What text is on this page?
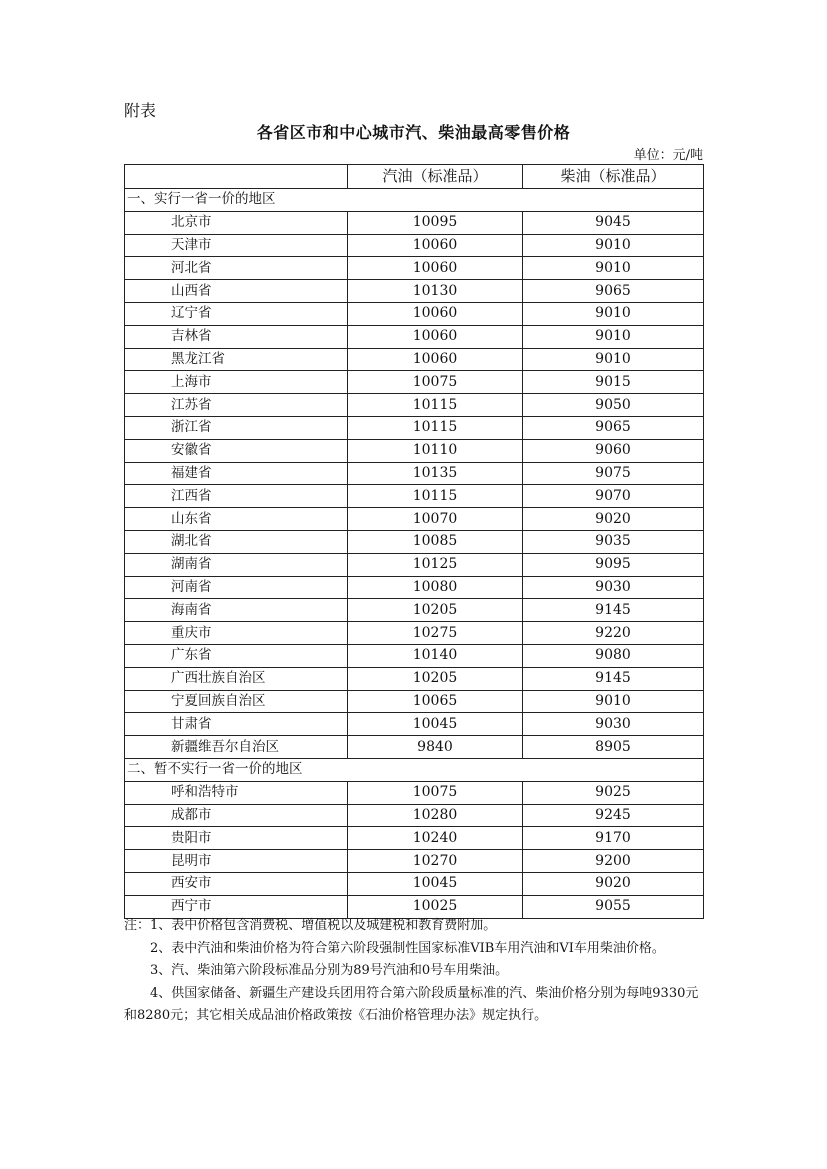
附表
各省区市和中心城市汽、柴油最高零售价格
单位：元/吨
	汽油（标准品）	柴油（标准品）
一、实行一省一价的地区		
北京市	10095	9045
天津市	10060	9010
河北省	10060	9010
山西省	10130	9065
辽宁省	10060	9010
吉林省	10060	9010
黑龙江省	10060	9010
上海市	10075	9015
江苏省	10115	9050
浙江省	10115	9065
安徽省	10110	9060
福建省	10135	9075
江西省	10115	9070
山东省	10070	9020
湖北省	10085	9035
湖南省	10125	9095
河南省	10080	9030
海南省	10205	9145
重庆市	10275	9220
广东省	10140	9080
广西壮族自治区	10205	9145
宁夏回族自治区	10065	9010
甘肃省	10045	9030
新疆维吾尔自治区	9840	8905
二、暂不实行一省一价的地区		
呼和浩特市	10075	9025
成都市	10280	9245
贵阳市	10240	9170
昆明市	10270	9200
西安市	10045	9020
西宁市	10025	9055

注：1、表中价格包含消费税、增值税以及城建税和教育费附加。

2、表中汽油和柴油价格为符合第六阶段强制性国家标准VIB车用汽油和VI车用柴油价格。

3、汽、柴油第六阶段标准品分别为89号汽油和0号车用柴油。

4、供国家储备、新疆生产建设兵团用符合第六阶段质量标准的汽、柴油价格分别为每吨9330元和8280元；其它相关成品油价格政策按《石油价格管理办法》规定执行。
